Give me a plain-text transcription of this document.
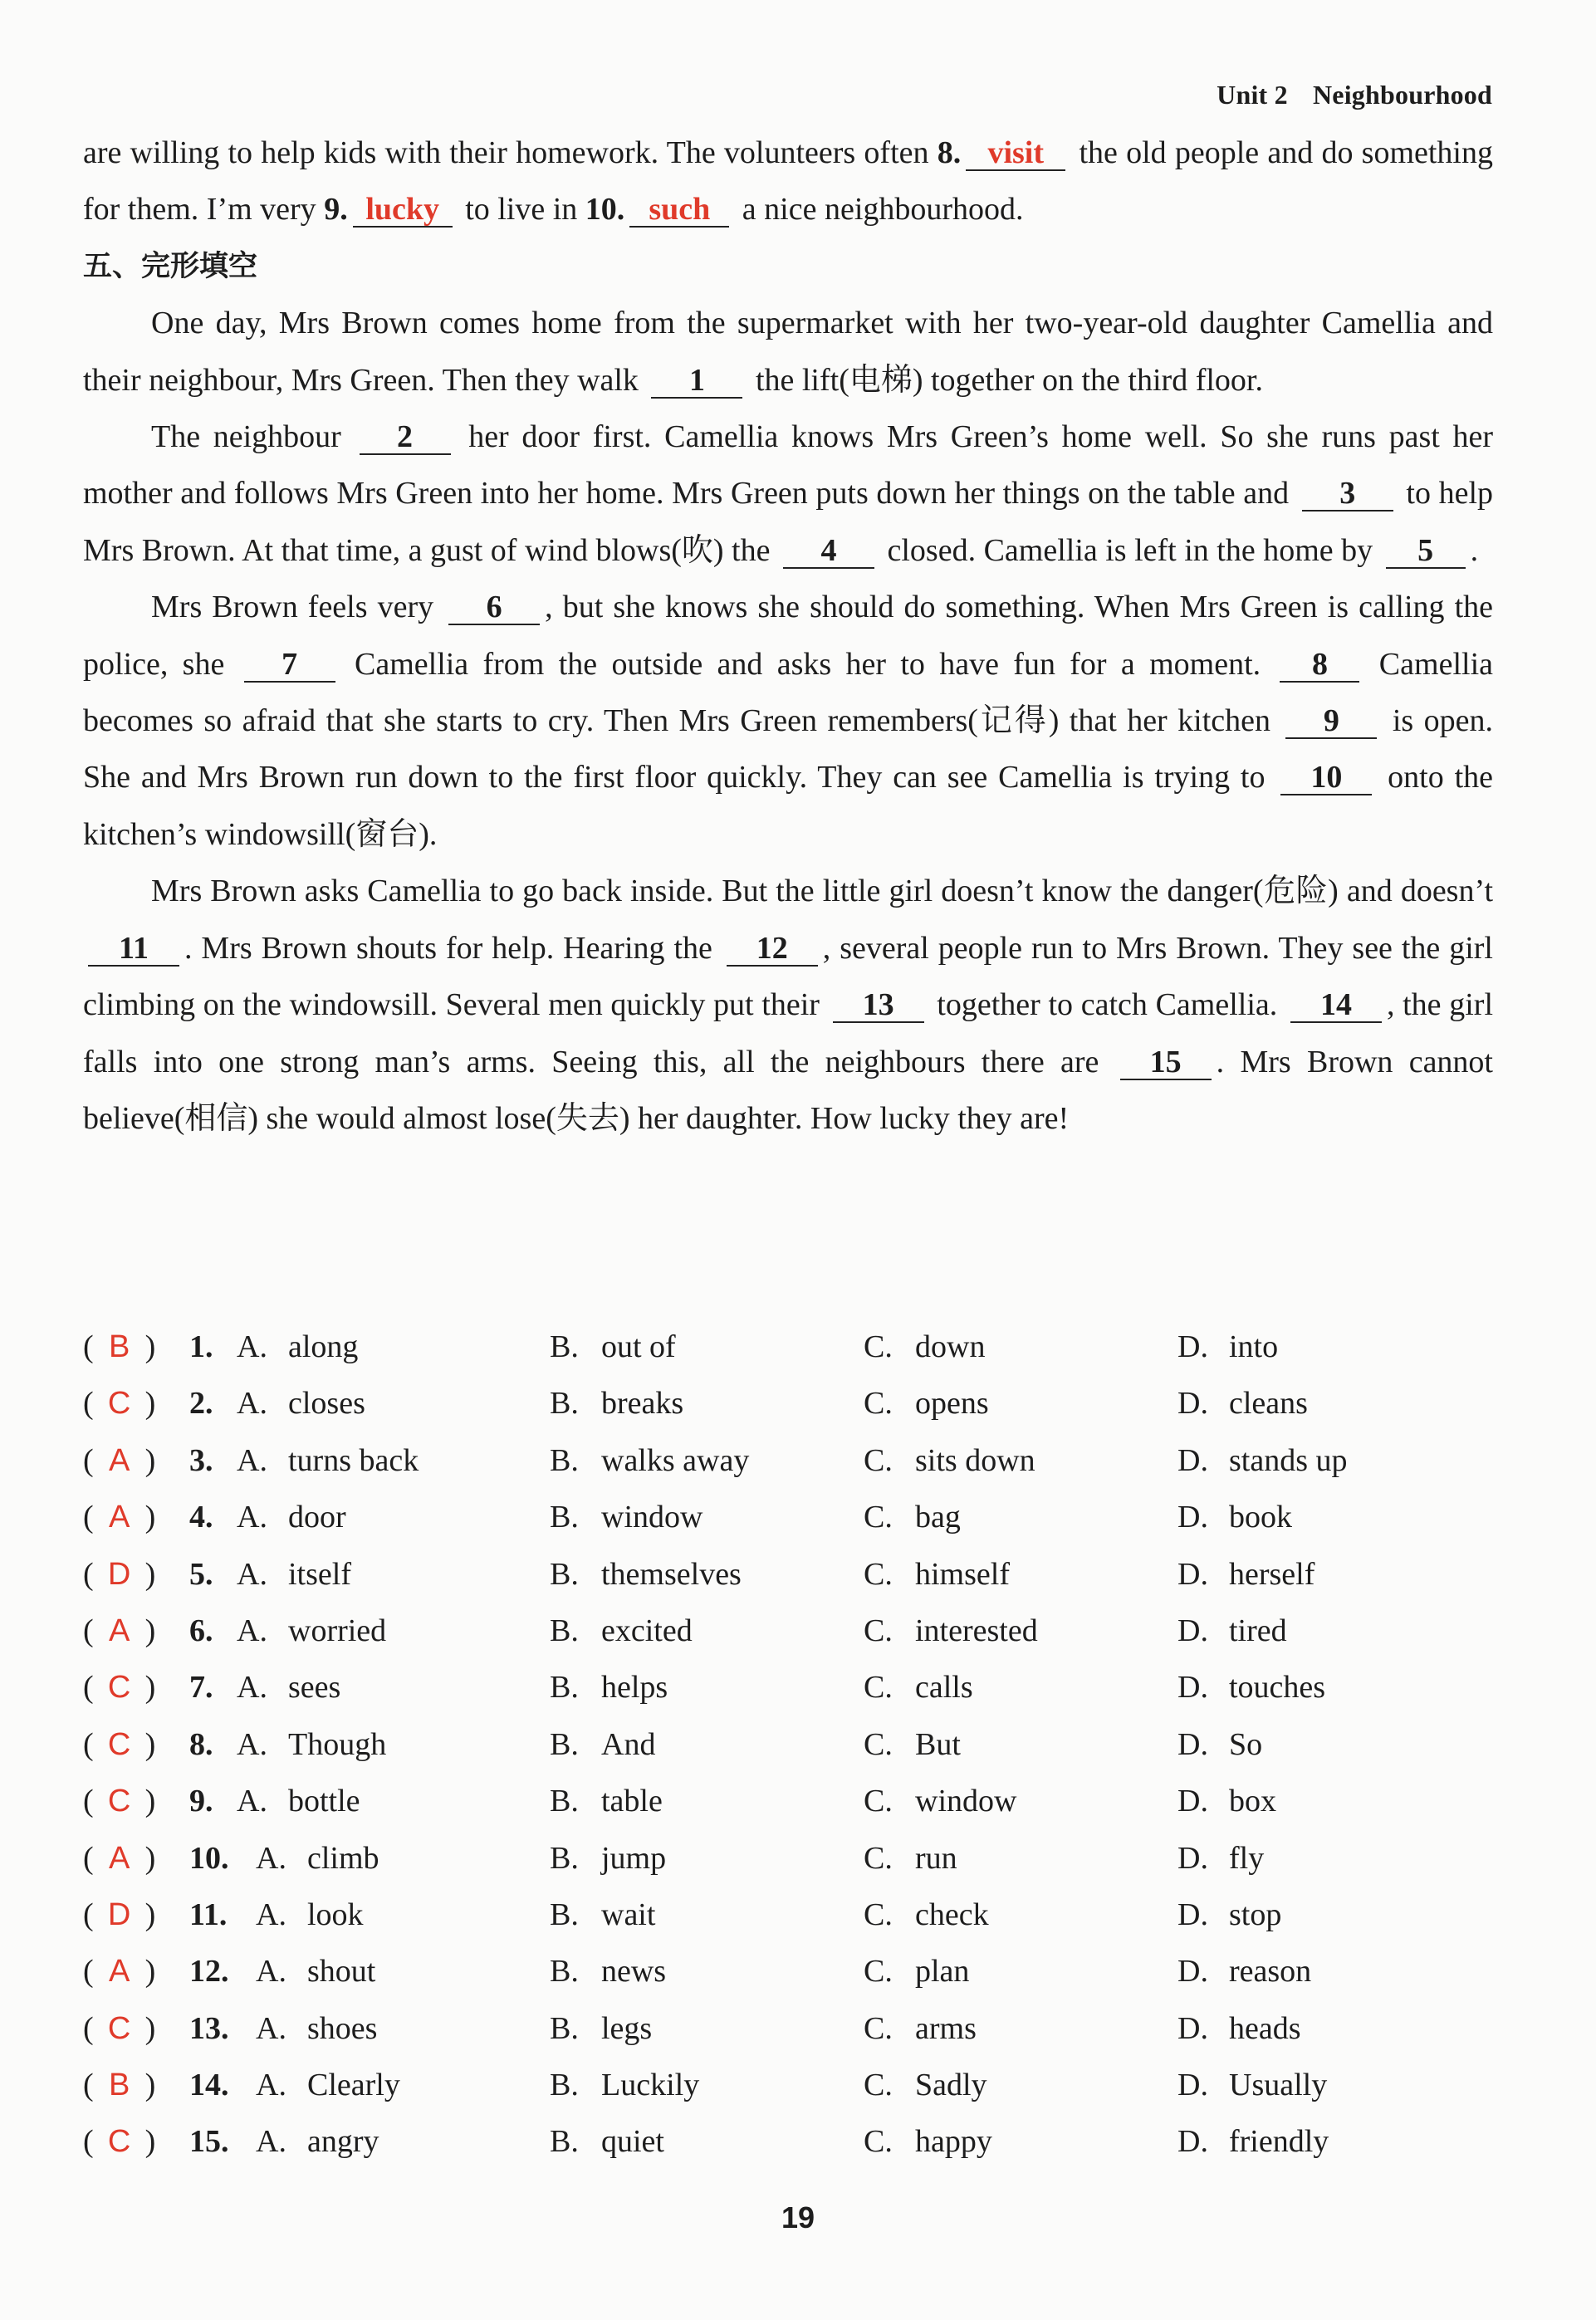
Unit 2 Neighbourhood

are willing to help kids with their homework. The volunteers often 8. visit the old people and do something for them. I’m very 9. lucky to live in 10. such a nice neighbourhood.

五、完形填空

One day, Mrs Brown comes home from the supermarket with her two-year-old daughter Camellia and their neighbour, Mrs Green. Then they walk 1 the lift(电梯) together on the third floor.

The neighbour 2 her door first. Camellia knows Mrs Green’s home well. So she runs past her mother and follows Mrs Green into her home. Mrs Green puts down her things on the table and 3 to help Mrs Brown. At that time, a gust of wind blows(吹) the 4 closed. Camellia is left in the home by 5 .

Mrs Brown feels very 6 , but she knows she should do something. When Mrs Green is calling the police, she 7 Camellia from the outside and asks her to have fun for a moment. 8 Camellia becomes so afraid that she starts to cry. Then Mrs Green remembers(记得) that her kitchen 9 is open. She and Mrs Brown run down to the first floor quickly. They can see Camellia is trying to 10 onto the kitchen’s windowsill(窗台).

Mrs Brown asks Camellia to go back inside. But the little girl doesn’t know the danger(危险) and doesn’t 11 . Mrs Brown shouts for help. Hearing the 12 , several people run to Mrs Brown. They see the girl climbing on the windowsill. Several men quickly put their 13 together to catch Camellia. 14 , the girl falls into one strong man’s arms. Seeing this, all the neighbours there are 15 . Mrs Brown cannot believe(相信) she would almost lose(失去) her daughter. How lucky they are!

( B ) 1. A. along	B. out of	C. down	D. into
( C ) 2. A. closes	B. breaks	C. opens	D. cleans
( A ) 3. A. turns back	B. walks away	C. sits down	D. stands up
( A ) 4. A. door	B. window	C. bag	D. book
( D ) 5. A. itself	B. themselves	C. himself	D. herself
( A ) 6. A. worried	B. excited	C. interested	D. tired
( C ) 7. A. sees	B. helps	C. calls	D. touches
( C ) 8. A. Though	B. And	C. But	D. So
( C ) 9. A. bottle	B. table	C. window	D. box
( A ) 10. A. climb	B. jump	C. run	D. fly
( D ) 11. A. look	B. wait	C. check	D. stop
( A ) 12. A. shout	B. news	C. plan	D. reason
( C ) 13. A. shoes	B. legs	C. arms	D. heads
( B ) 14. A. Clearly	B. Luckily	C. Sadly	D. Usually
( C ) 15. A. angry	B. quiet	C. happy	D. friendly
19
